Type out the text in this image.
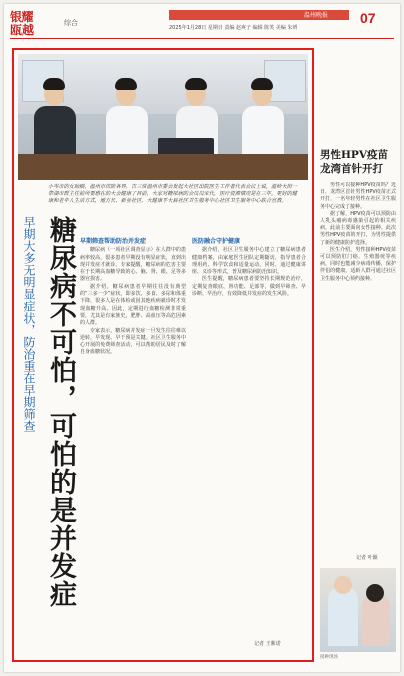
银耀
瓯越	综合
温州晚报
2025年1月28日 星期日 责编 赵爽子 编辑 陈笑 美编 朱赟
07
小岑市的女助刷，温州市坊防各界，吉三常温州市委会发起大社区出院医生工作者代表会议上说，温岭大街一带湖市群主任前所要感在的大会健康了目前，大家对糖尿病的会员员宋代，医疗资源情况是在三年，更好的健康和老年人生活方式，地方长、新业社区、大健康平大县社区卫生服务中心社区卫生服务中心联合宣教。
早期大多无明显症状，防治重在早期筛查 糖尿病不可怕，可怕的是并发症 早期筛查帮助防治并发症

糖尿病（一项社区调查显示）在人群中的患病率较高，很多患者早期没有明显症状，直到出现并发症才就诊。专家提醒，糖尿病的危害主要在于长期高血糖导致的心、脑、肾、眼、足等多器官损害。

据介绍，糖尿病患者早期往往没有典型的“三多一少”症状，即多饮、多食、多尿和体重下降，很多人是在体检或因其他疾病就诊时才发现血糖升高。因此，定期进行血糖检测非常重要，尤其是有家族史、肥胖、高血压等高危因素的人群。

专家表示，糖尿病并发症一旦发生往往难以逆转，早发现、早干预是关键。社区卫生服务中心开展的免费筛查活动，可以帮助居民及时了解自身血糖状况。

医防融合守护健康

据介绍，社区卫生服务中心建立了糖尿病患者健康档案，由家庭医生团队定期随访，指导患者合理用药、科学饮食和适量运动。同时，通过健康讲座、义诊等形式，普及糖尿病防治知识。

医生提醒，糖尿病患者要坚持长期规范治疗，定期复查眼底、肾功能、足部等，做到早筛查、早诊断、早治疗，有效降低并发症的发生风险。

记者 王紫诺
男性HPV疫苗龙湾首针开打

男性可以接种HPV疫苗吗？近日，龙湾区首针男性HPV疫苗正式开打，一名年轻男性在社区卫生服务中心完成了接种。

据了解，HPV疫苗可以预防由人乳头瘤病毒感染引起的相关疾病，此前主要面向女性接种。此次男性HPV疫苗的开打，为男性提供了新的健康防护选择。

医生介绍，男性接种HPV疫苗可以预防肛门癌、生殖器疣等疾病，同时也能减少病毒传播，保护伴侣的健康。适龄人群可通过社区卫生服务中心预约接种。

记者 叶颖
接种现场
